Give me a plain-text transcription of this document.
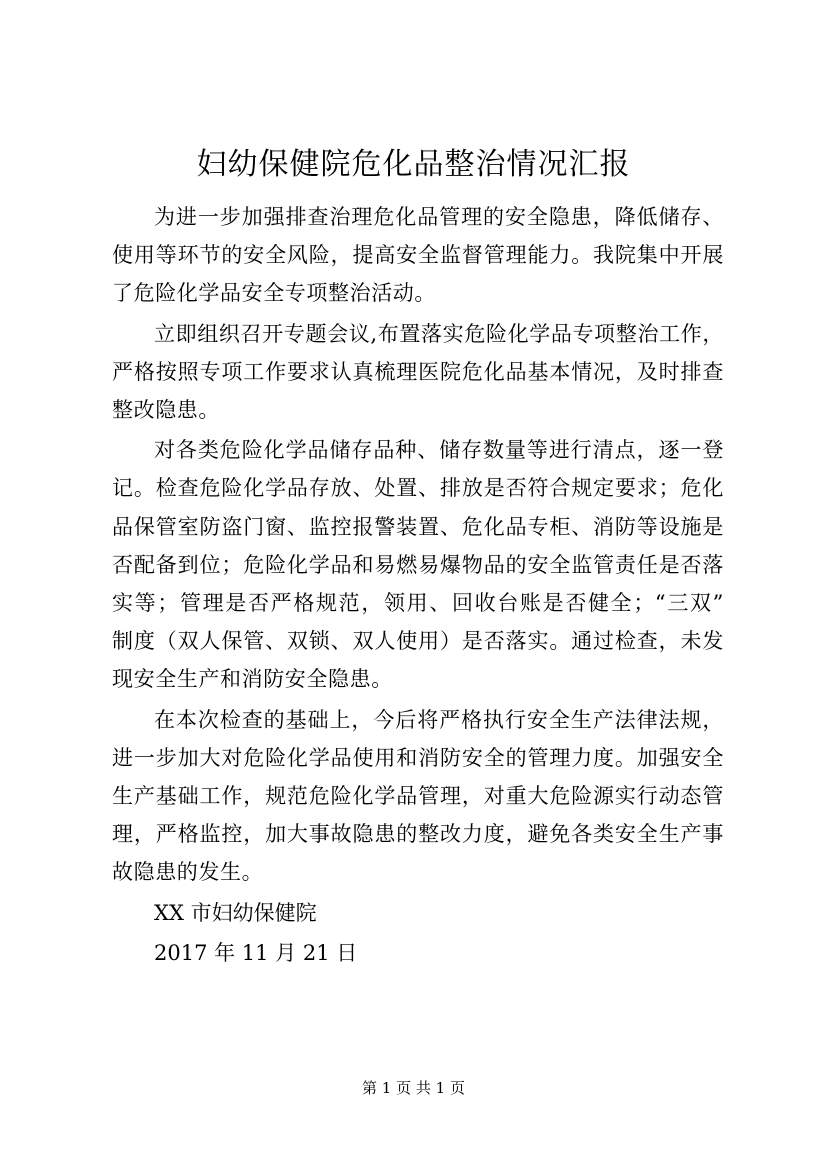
妇幼保健院危化品整治情况汇报

为进一步加强排查治理危化品管理的安全隐患，降低储存、
使用等环节的安全风险，提高安全监督管理能力。我院集中开展
了危险化学品安全专项整治活动。

立即组织召开专题会议,布置落实危险化学品专项整治工作，
严格按照专项工作要求认真梳理医院危化品基本情况，及时排查
整改隐患。

对各类危险化学品储存品种、储存数量等进行清点，逐一登
记。检查危险化学品存放、处置、排放是否符合规定要求；危化
品保管室防盗门窗、监控报警装置、危化品专柜、消防等设施是
否配备到位；危险化学品和易燃易爆物品的安全监管责任是否落
实等；管理是否严格规范，领用、回收台账是否健全；“三双”
制度（双人保管、双锁、双人使用）是否落实。通过检查，未发
现安全生产和消防安全隐患。

在本次检查的基础上，今后将严格执行安全生产法律法规，
进一步加大对危险化学品使用和消防安全的管理力度。加强安全
生产基础工作，规范危险化学品管理，对重大危险源实行动态管
理，严格监控，加大事故隐患的整改力度，避免各类安全生产事
故隐患的发生。

XX 市妇幼保健院

2017 年 11 月 21 日

第 1 页 共 1 页
